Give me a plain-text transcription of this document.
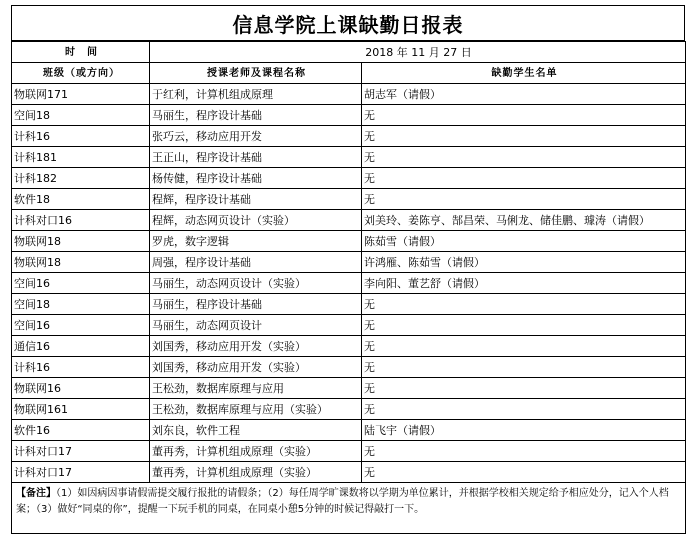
信息学院上课缺勤日报表
时　间	2018 年 11 月 27 日	
班级（或方向）	授课老师及课程名称	缺勤学生名单
物联网171	于红利，计算机组成原理	胡志军（请假）
空间18	马丽生，程序设计基础	无
计科16	张巧云，移动应用开发	无
计科181	王正山，程序设计基础	无
计科182	杨传健，程序设计基础	无
软件18	程辉，程序设计基础	无
计科对口16	程辉，动态网页设计（实验）	刘美玲、姜陈亨、郜昌荣、马俐龙、储佳鹏、璩涛（请假）
物联网18	罗虎，数字逻辑	陈茹雪（请假）
物联网18	周强，程序设计基础	许鸿雁、陈茹雪（请假）
空间16	马丽生，动态网页设计（实验）	李向阳、董艺舒（请假）
空间18	马丽生，程序设计基础	无
空间16	马丽生，动态网页设计	无
通信16	刘国秀，移动应用开发（实验）	无
计科16	刘国秀，移动应用开发（实验）	无
物联网16	王松劲，数据库原理与应用	无
物联网161	王松劲，数据库原理与应用（实验）	无
软件16	刘东良，软件工程	陆飞宇（请假）
计科对口17	董再秀，计算机组成原理（实验）	无
计科对口17	董再秀，计算机组成原理（实验）	无
【备注】（1）如因病因事请假需提交履行报批的请假条；（2）每任周学旷课数将以学期为单位累计，并根据学校相关规定给予相应处分，记入个人档案；（3）做好“同桌的你”，提醒一下玩手机的同桌，在同桌小憩5分钟的时候记得敲打一下。		
